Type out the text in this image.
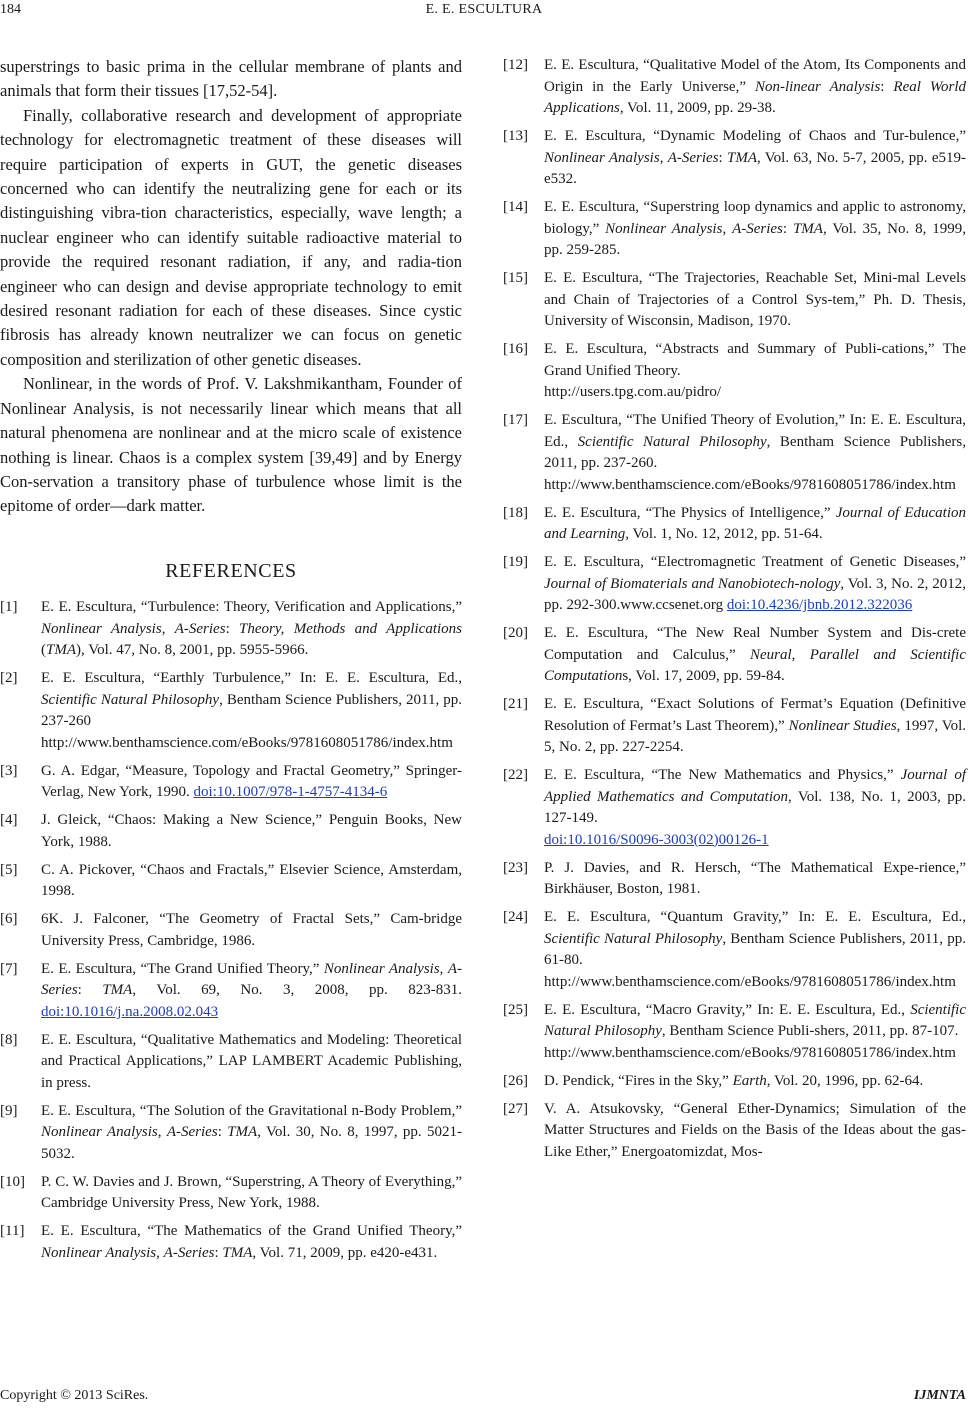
184	E. E. ESCULTURA

superstrings to basic prima in the cellular membrane of plants and animals that form their tissues [17,52-54].

Finally, collaborative research and development of appropriate technology for electromagnetic treatment of these diseases will require participation of experts in GUT, the genetic diseases concerned who can identify the neutralizing gene for each or its distinguishing vibra-tion characteristics, especially, wave length; a nuclear engineer who can identify suitable radioactive material to provide the required resonant radiation, if any, and radia-tion engineer who can design and devise appropriate technology to emit desired resonant radiation for each of these diseases. Since cystic fibrosis has already known neutralizer we can focus on genetic composition and sterilization of other genetic diseases.

Nonlinear, in the words of Prof. V. Lakshmikantham, Founder of Nonlinear Analysis, is not necessarily linear which means that all natural phenomena are nonlinear and at the micro scale of existence nothing is linear. Chaos is a complex system [39,49] and by Energy Con-servation a transitory phase of turbulence whose limit is the epitome of order—dark matter.

REFERENCES
[1]	E. E. Escultura, “Turbulence: Theory, Verification and Applications,” Nonlinear Analysis, A-Series: Theory, Methods and Applications (TMA), Vol. 47, No. 8, 2001, pp. 5955-5966.
[2]	E. E. Escultura, “Earthly Turbulence,” In: E. E. Escultura, Ed., Scientific Natural Philosophy, Bentham Science Publishers, 2011, pp. 237-260
http://www.benthamscience.com/eBooks/9781608051786/index.htm
[3]	G. A. Edgar, “Measure, Topology and Fractal Geometry,” Springer-Verlag, New York, 1990. doi:10.1007/978-1-4757-4134-6
[4]	J. Gleick, “Chaos: Making a New Science,” Penguin Books, New York, 1988.
[5]	C. A. Pickover, “Chaos and Fractals,” Elsevier Science, Amsterdam, 1998.
[6]	6K. J. Falconer, “The Geometry of Fractal Sets,” Cam-bridge University Press, Cambridge, 1986.
[7]	E. E. Escultura, “The Grand Unified Theory,” Nonlinear Analysis, A-Series: TMA, Vol. 69, No. 3, 2008, pp. 823-831. doi:10.1016/j.na.2008.02.043
[8]	E. E. Escultura, “Qualitative Mathematics and Modeling: Theoretical and Practical Applications,” LAP LAMBERT Academic Publishing, in press.
[9]	E. E. Escultura, “The Solution of the Gravitational n-Body Problem,” Nonlinear Analysis, A-Series: TMA, Vol. 30, No. 8, 1997, pp. 5021-5032.
[10]	P. C. W. Davies and J. Brown, “Superstring, A Theory of Everything,” Cambridge University Press, New York, 1988.
[11]	E. E. Escultura, “The Mathematics of the Grand Unified Theory,” Nonlinear Analysis, A-Series: TMA, Vol. 71, 2009, pp. e420-e431.
[12]	E. E. Escultura, “Qualitative Model of the Atom, Its Components and Origin in the Early Universe,” Non-linear Analysis: Real World Applications, Vol. 11, 2009, pp. 29-38.
[13]	E. E. Escultura, “Dynamic Modeling of Chaos and Tur-bulence,” Nonlinear Analysis, A-Series: TMA, Vol. 63, No. 5-7, 2005, pp. e519-e532.
[14]	E. E. Escultura, “Superstring loop dynamics and applic to astronomy, biology,” Nonlinear Analysis, A-Series: TMA, Vol. 35, No. 8, 1999, pp. 259-285.
[15]	E. E. Escultura, “The Trajectories, Reachable Set, Mini-mal Levels and Chain of Trajectories of a Control Sys-tem,” Ph. D. Thesis, University of Wisconsin, Madison, 1970.
[16]	E. E. Escultura, “Abstracts and Summary of Publi-cations,” The Grand Unified Theory.
http://users.tpg.com.au/pidro/
[17]	E. Escultura, “The Unified Theory of Evolution,” In: E. E. Escultura, Ed., Scientific Natural Philosophy, Bentham Science Publishers, 2011, pp. 237-260.
http://www.benthamscience.com/eBooks/9781608051786/index.htm
[18]	E. E. Escultura, “The Physics of Intelligence,” Journal of Education and Learning, Vol. 1, No. 12, 2012, pp. 51-64.
[19]	E. E. Escultura, “Electromagnetic Treatment of Genetic Diseases,” Journal of Biomaterials and Nanobiotech-nology, Vol. 3, No. 2, 2012, pp. 292-300.www.ccsenet.org doi:10.4236/jbnb.2012.322036
[20]	E. E. Escultura, “The New Real Number System and Dis-crete Computation and Calculus,” Neural, Parallel and Scientific Computations, Vol. 17, 2009, pp. 59-84.
[21]	E. E. Escultura, “Exact Solutions of Fermat’s Equation (Definitive Resolution of Fermat’s Last Theorem),” Nonlinear Studies, 1997, Vol. 5, No. 2, pp. 227-2254.
[22]	E. E. Escultura, “The New Mathematics and Physics,” Journal of Applied Mathematics and Computation, Vol. 138, No. 1, 2003, pp. 127-149.
doi:10.1016/S0096-3003(02)00126-1
[23]	P. J. Davies, and R. Hersch, “The Mathematical Expe-rience,” Birkhäuser, Boston, 1981.
[24]	E. E. Escultura, “Quantum Gravity,” In: E. E. Escultura, Ed., Scientific Natural Philosophy, Bentham Science Publishers, 2011, pp. 61-80.
http://www.benthamscience.com/eBooks/9781608051786/index.htm
[25]	E. E. Escultura, “Macro Gravity,” In: E. E. Escultura, Ed., Scientific Natural Philosophy, Bentham Science Publi-shers, 2011, pp. 87-107.
http://www.benthamscience.com/eBooks/9781608051786/index.htm
[26]	D. Pendick, “Fires in the Sky,” Earth, Vol. 20, 1996, pp. 62-64.
[27]	V. A. Atsukovsky, “General Ether-Dynamics; Simulation of the Matter Structures and Fields on the Basis of the Ideas about the gas-Like Ether,” Energoatomizdat, Mos-
Copyright © 2013 SciRes.	IJMNTA
